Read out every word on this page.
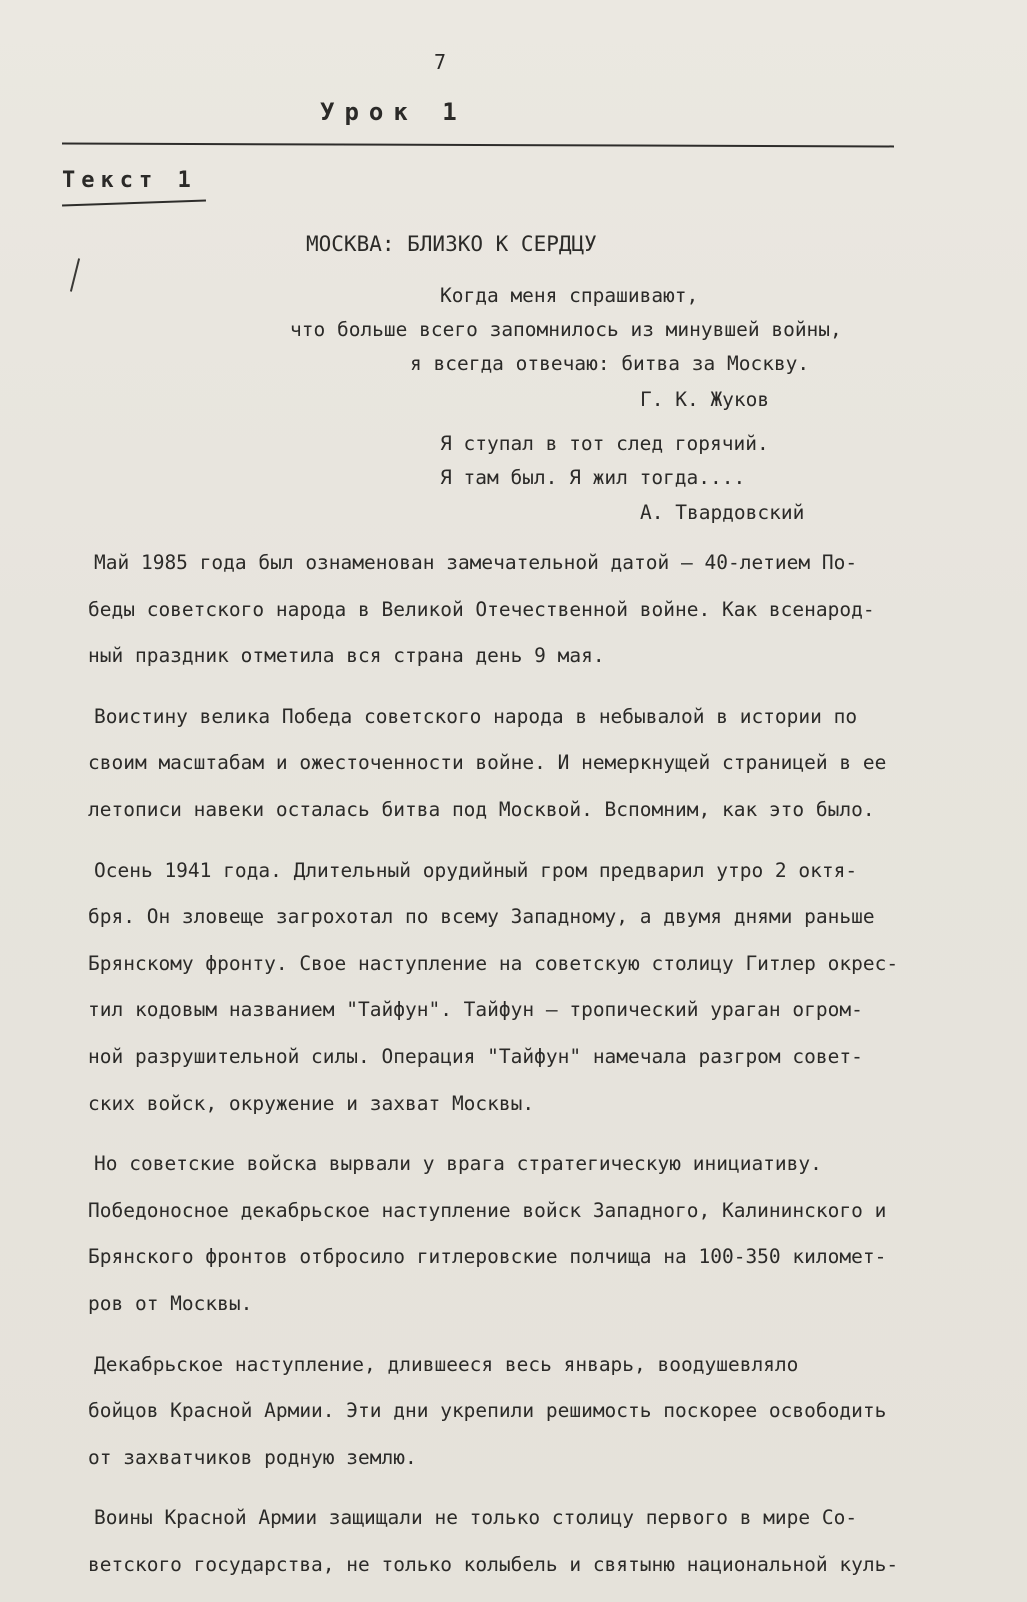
7
Урок 1
Текст 1
МОСКВА: БЛИЗКО К СЕРДЦУ
Когда меня спрашивают,
что больше всего запомнилось из минувшей войны,
я всегда отвечаю: битва за Москву.
Г. К. Жуков
Я ступал в тот след горячий.
Я там был. Я жил тогда....
А. Твардовский

Май 1985 года был ознаменован замечательной датой – 40-летием По-
беды советского народа в Великой Отечественной войне. Как всенарод-
ный праздник отметила вся страна день 9 мая.

Воистину велика Победа советского народа в небывалой в истории по
своим масштабам и ожесточенности войне. И немеркнущей страницей в ее
летописи навеки осталась битва под Москвой. Вспомним, как это было.

Осень 1941 года. Длительный орудийный гром предварил утро 2 октя-
бря. Он зловеще загрохотал по всему Западному, а двумя днями раньше
Брянскому фронту. Свое наступление на советскую столицу Гитлер окрес-
тил кодовым названием "Тайфун". Тайфун – тропический ураган огром-
ной разрушительной силы. Операция "Тайфун" намечала разгром совет-
ских войск, окружение и захват Москвы.

Но советские войска вырвали у врага стратегическую инициативу.
Победоносное декабрьское наступление войск Западного, Калининского и
Брянского фронтов отбросило гитлеровские полчища на 100-350 километ-
ров от Москвы.

Декабрьское наступление, длившееся весь январь, воодушевляло
бойцов Красной Армии. Эти дни укрепили решимость поскорее освободить
от захватчиков родную землю.

Воины Красной Армии защищали не только столицу первого в мире Со-
ветского государства, не только колыбель и святыню национальной куль-
